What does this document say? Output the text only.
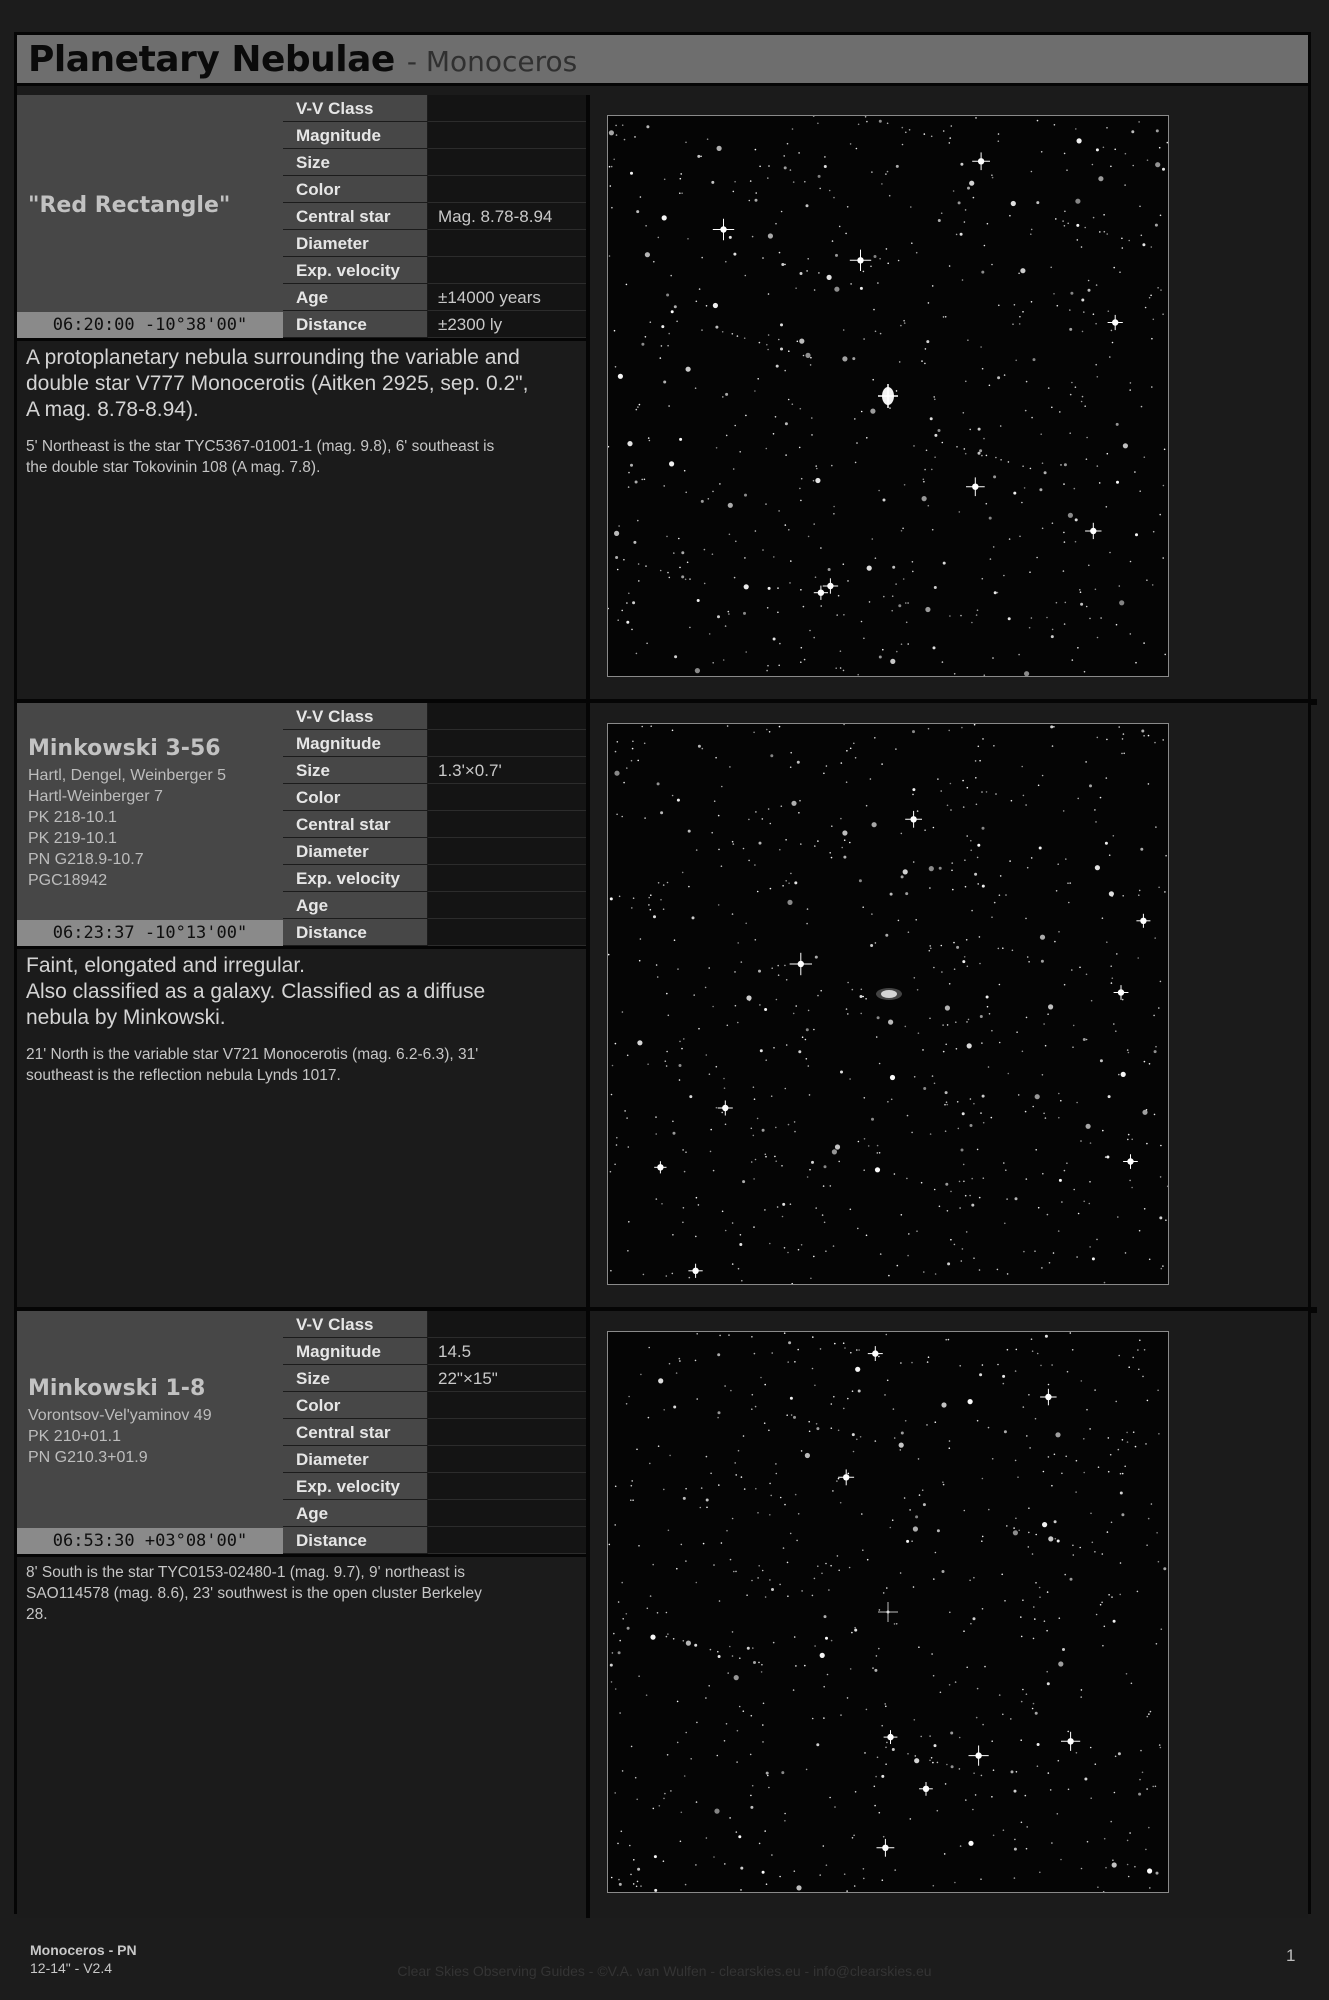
Planetary Nebulae - Monoceros
"Red Rectangle"
06:20:00 -10°38'00"
V-V Class
Magnitude
Size
Color
Central star	Mag. 8.78-8.94
Diameter
Exp. velocity
Age	±14000 years
Distance	±2300 ly
A protoplanetary nebula surrounding the variable and
double star V777 Monocerotis (Aitken 2925, sep. 0.2",
A mag. 8.78-8.94).
5' Northeast is the star TYC5367-01001-1 (mag. 9.8), 6' southeast is
the double star Tokovinin 108 (A mag. 7.8).
Minkowski 3-56
Hartl, Dengel, Weinberger 5
Hartl-Weinberger 7
PK 218-10.1
PK 219-10.1
PN G218.9-10.7
PGC18942
06:23:37 -10°13'00"
V-V Class
Magnitude
Size	1.3'×0.7'
Color
Central star
Diameter
Exp. velocity
Age
Distance
Faint, elongated and irregular.
Also classified as a galaxy. Classified as a diffuse
nebula by Minkowski.
21' North is the variable star V721 Monocerotis (mag. 6.2-6.3), 31'
southeast is the reflection nebula Lynds 1017.
Minkowski 1-8
Vorontsov-Vel'yaminov 49
PK 210+01.1
PN G210.3+01.9
06:53:30 +03°08'00"
V-V Class
Magnitude	14.5
Size	22"×15"
Color
Central star
Diameter
Exp. velocity
Age
Distance
8' South is the star TYC0153-02480-1 (mag. 9.7), 9' northeast is
SAO114578 (mag. 8.6), 23' southwest is the open cluster Berkeley
28.
Monoceros - PN
12-14" - V2.4	Clear Skies Observing Guides - ©V.A. van Wulfen - clearskies.eu - info@clearskies.eu
1
